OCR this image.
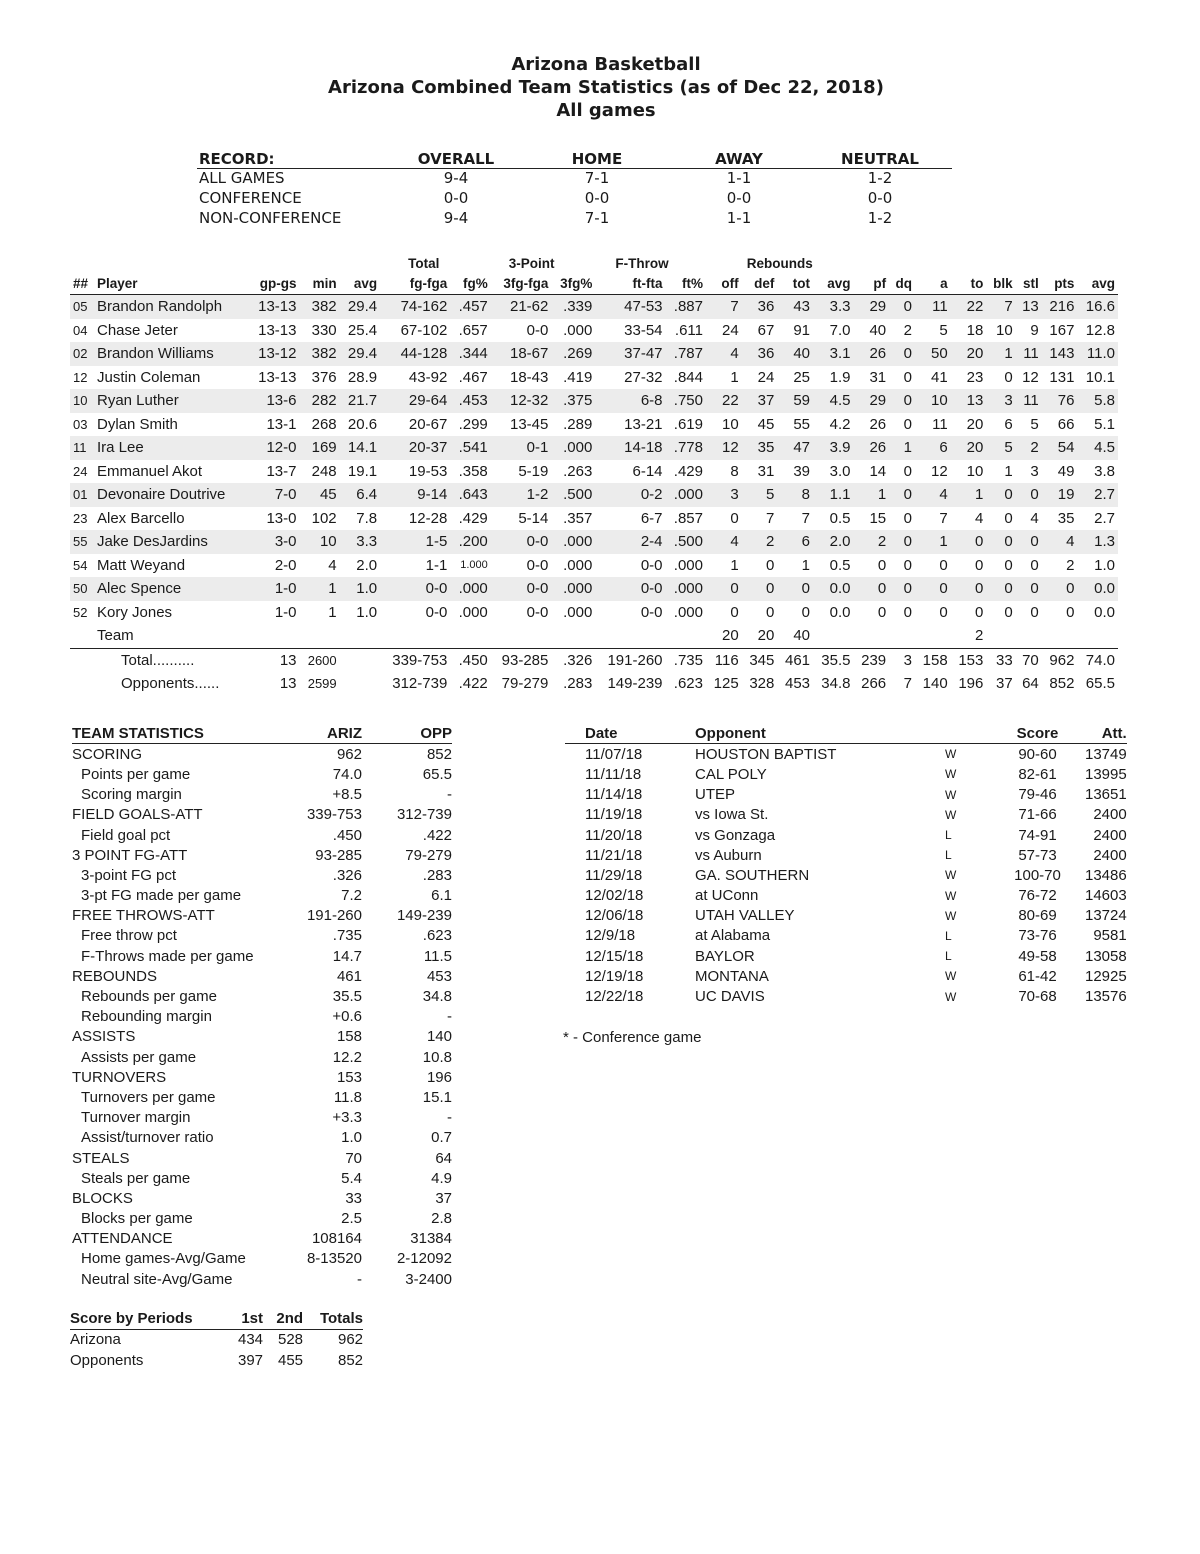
Arizona Basketball
Arizona Combined Team Statistics (as of Dec 22, 2018)
All games
RECORD:	OVERALL	HOME	AWAY	NEUTRAL
ALL GAMES	9-4	7-1	1-1	1-2
CONFERENCE	0-0	0-0	0-0	0-0
NON-CONFERENCE	9-4	7-1	1-1	1-2
					Total		3-Point		F-Throw		Rebounds											
##	Player	gp-gs	min	avg	fg-fga	fg%	3fg-fga	3fg%	ft-fta	ft%	off	def	tot	avg	pf	dq	a	to	blk	stl	pts	avg
05	Brandon Randolph	13-13	382	29.4	74-162	.457	21-62	.339	47-53	.887	7	36	43	3.3	29	0	11	22	7	13	216	16.6
04	Chase Jeter	13-13	330	25.4	67-102	.657	0-0	.000	33-54	.611	24	67	91	7.0	40	2	5	18	10	9	167	12.8
02	Brandon Williams	13-12	382	29.4	44-128	.344	18-67	.269	37-47	.787	4	36	40	3.1	26	0	50	20	1	11	143	11.0
12	Justin Coleman	13-13	376	28.9	43-92	.467	18-43	.419	27-32	.844	1	24	25	1.9	31	0	41	23	0	12	131	10.1
10	Ryan Luther	13-6	282	21.7	29-64	.453	12-32	.375	6-8	.750	22	37	59	4.5	29	0	10	13	3	11	76	5.8
03	Dylan Smith	13-1	268	20.6	20-67	.299	13-45	.289	13-21	.619	10	45	55	4.2	26	0	11	20	6	5	66	5.1
11	Ira Lee	12-0	169	14.1	20-37	.541	0-1	.000	14-18	.778	12	35	47	3.9	26	1	6	20	5	2	54	4.5
24	Emmanuel Akot	13-7	248	19.1	19-53	.358	5-19	.263	6-14	.429	8	31	39	3.0	14	0	12	10	1	3	49	3.8
01	Devonaire Doutrive	7-0	45	6.4	9-14	.643	1-2	.500	0-2	.000	3	5	8	1.1	1	0	4	1	0	0	19	2.7
23	Alex Barcello	13-0	102	7.8	12-28	.429	5-14	.357	6-7	.857	0	7	7	0.5	15	0	7	4	0	4	35	2.7
55	Jake DesJardins	3-0	10	3.3	1-5	.200	0-0	.000	2-4	.500	4	2	6	2.0	2	0	1	0	0	0	4	1.3
54	Matt Weyand	2-0	4	2.0	1-1	1.000	0-0	.000	0-0	.000	1	0	1	0.5	0	0	0	0	0	0	2	1.0
50	Alec Spence	1-0	1	1.0	0-0	.000	0-0	.000	0-0	.000	0	0	0	0.0	0	0	0	0	0	0	0	0.0
52	Kory Jones	1-0	1	1.0	0-0	.000	0-0	.000	0-0	.000	0	0	0	0.0	0	0	0	0	0	0	0	0.0
	Team										20	20	40					2				
	Total..........	13	2600		339-753	.450	93-285	.326	191-260	.735	116	345	461	35.5	239	3	158	153	33	70	962	74.0
	Opponents......	13	2599		312-739	.422	79-279	.283	149-239	.623	125	328	453	34.8	266	7	140	196	37	64	852	65.5
TEAM STATISTICS	ARIZ	OPP
SCORING	962	852
Points per game	74.0	65.5
Scoring margin	+8.5	-
FIELD GOALS-ATT	339-753	312-739
Field goal pct	.450	.422
3 POINT FG-ATT	93-285	79-279
3-point FG pct	.326	.283
3-pt FG made per game	7.2	6.1
FREE THROWS-ATT	191-260	149-239
Free throw pct	.735	.623
F-Throws made per game	14.7	11.5
REBOUNDS	461	453
Rebounds per game	35.5	34.8
Rebounding margin	+0.6	-
ASSISTS	158	140
Assists per game	12.2	10.8
TURNOVERS	153	196
Turnovers per game	11.8	15.1
Turnover margin	+3.3	-
Assist/turnover ratio	1.0	0.7
STEALS	70	64
Steals per game	5.4	4.9
BLOCKS	33	37
Blocks per game	2.5	2.8
ATTENDANCE	108164	31384
Home games-Avg/Game	8-13520	2-12092
Neutral site-Avg/Game	-	3-2400
Date	Opponent		Score	Att.
11/07/18	HOUSTON BAPTIST	W	90-60	13749
11/11/18	CAL POLY	W	82-61	13995
11/14/18	UTEP	W	79-46	13651
11/19/18	vs Iowa St.	W	71-66	2400
11/20/18	vs Gonzaga	L	74-91	2400
11/21/18	vs Auburn	L	57-73	2400
11/29/18	GA. SOUTHERN	W	100-70	13486
12/02/18	at UConn	W	76-72	14603
12/06/18	UTAH VALLEY	W	80-69	13724
12/9/18	at Alabama	L	73-76	9581
12/15/18	BAYLOR	L	49-58	13058
12/19/18	MONTANA	W	61-42	12925
12/22/18	UC DAVIS	W	70-68	13576
* - Conference game
Score by Periods	1st	2nd	Totals
Arizona	434	528	962
Opponents	397	455	852
